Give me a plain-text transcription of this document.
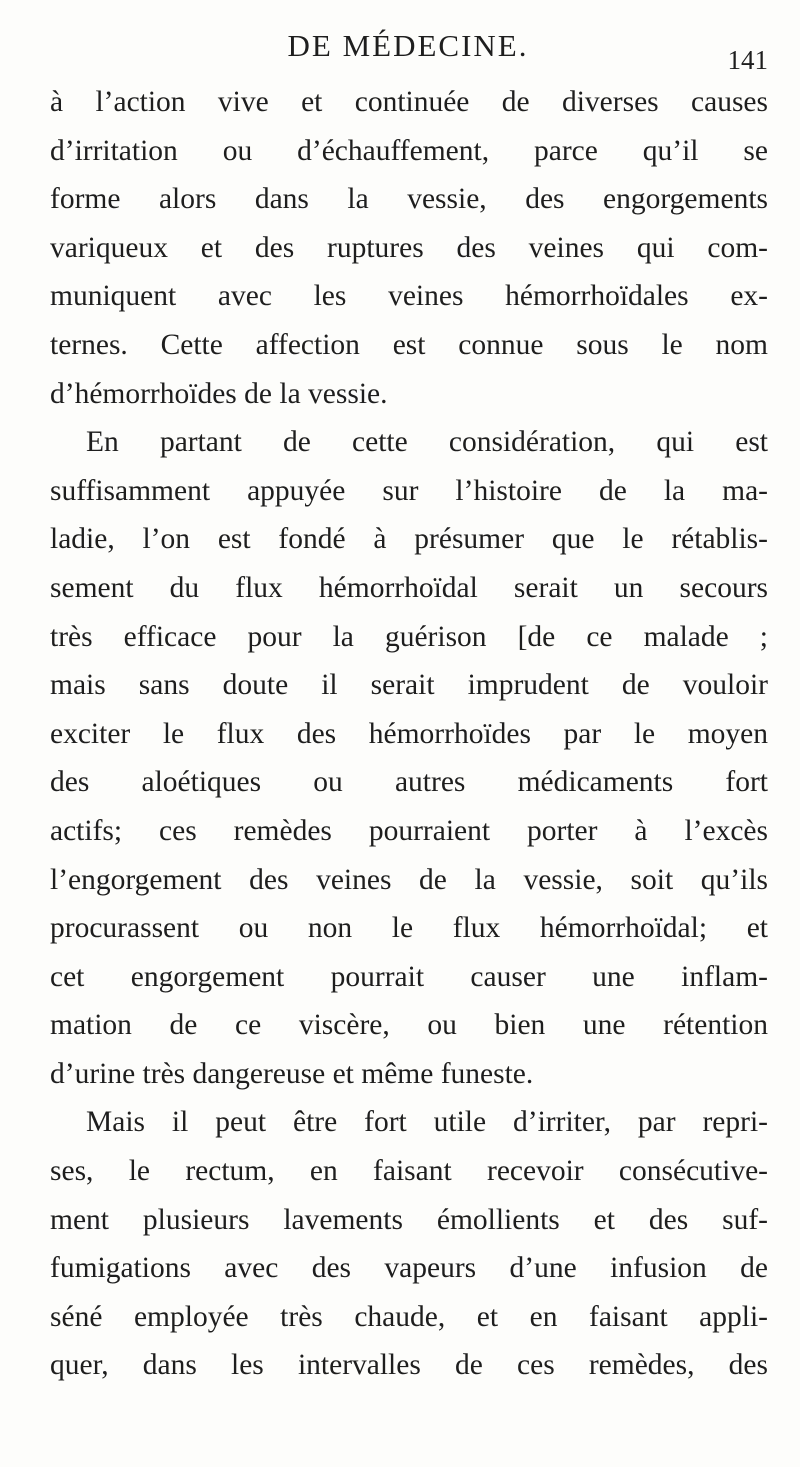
DE MÉDECINE.	141
à l’action vive et continuée de diverses causes
d’irritation ou d’échauffement, parce qu’il se
forme alors dans la vessie, des engorgements
variqueux et des ruptures des veines qui com-
muniquent avec les veines hémorrhoïdales ex-
ternes. Cette affection est connue sous le nom
d’hémorrhoïdes de la vessie.
En partant de cette considération, qui est
suffisamment appuyée sur l’histoire de la ma-
ladie, l’on est fondé à présumer que le rétablis-
sement du flux hémorrhoïdal serait un secours
très efficace pour la guérison [de ce malade ;
mais sans doute il serait imprudent de vouloir
exciter le flux des hémorrhoïdes par le moyen
des aloétiques ou autres médicaments fort
actifs; ces remèdes pourraient porter à l’excès
l’engorgement des veines de la vessie, soit qu’ils
procurassent ou non le flux hémorrhoïdal; et
cet engorgement pourrait causer une inflam-
mation de ce viscère, ou bien une rétention
d’urine très dangereuse et même funeste.
Mais il peut être fort utile d’irriter, par repri-
ses, le rectum, en faisant recevoir consécutive-
ment plusieurs lavements émollients et des suf-
fumigations avec des vapeurs d’une infusion de
séné employée très chaude, et en faisant appli-
quer, dans les intervalles de ces remèdes, des
